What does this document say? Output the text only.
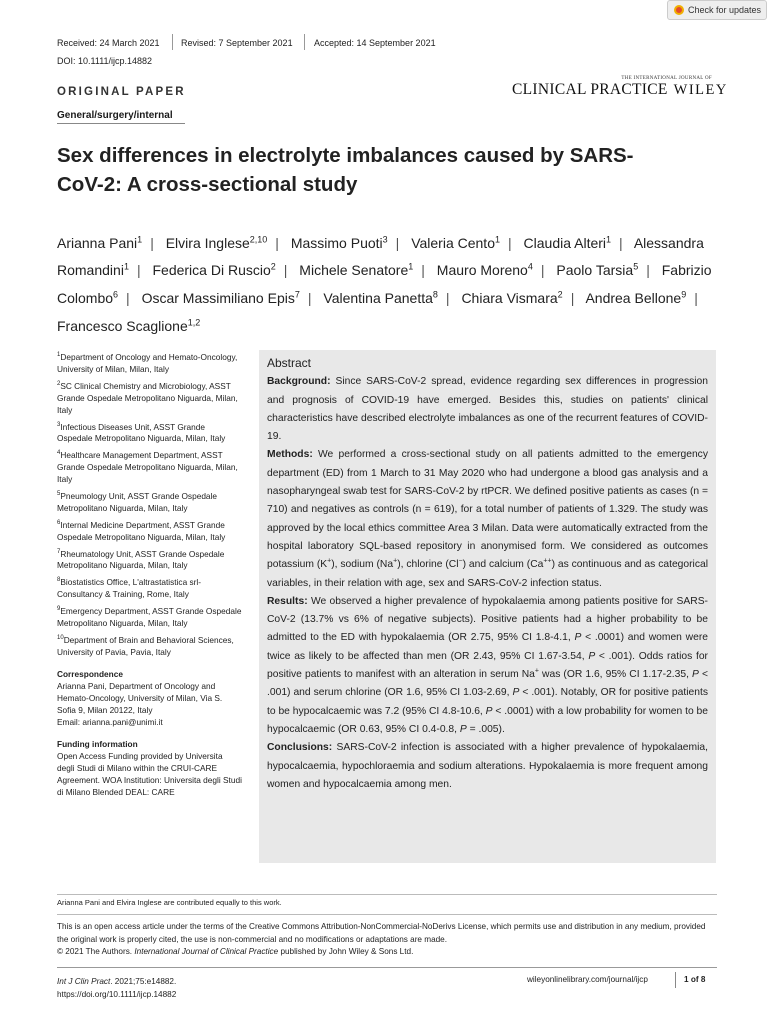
Check for updates
Received: 24 March 2021 Revised: 7 September 2021 Accepted: 14 September 2021
DOI: 10.1111/ijcp.14882
THE INTERNATIONAL JOURNAL OF
CLINICAL PRACTICE WILEY
ORIGINAL PAPER
General/surgery/internal
Sex differences in electrolyte imbalances caused by SARS-CoV-2: A cross-sectional study
Arianna Pani$^1$ | Elvira Inglese$^{2,10}$ | Massimo Puoti$^3$ | Valeria Cento$^1$ | Claudia Alteri$^1$ | Alessandra Romandini$^1$ | Federica Di Ruscio$^2$ | Michele Senatore$^1$ | Mauro Moreno$^4$ | Paolo Tarsia$^5$ | Fabrizio Colombo$^6$ | Oscar Massimiliano Epis$^7$ | Valentina Panetta$^8$ | Chiara Vismara$^2$ | Andrea Bellone$^9$ | Francesco Scaglione$^{1,2}$

$^1$Department of Oncology and Hemato-Oncology, University of Milan, Milan, Italy

$^2$SC Clinical Chemistry and Microbiology, ASST Grande Ospedale Metropolitano Niguarda, Milan, Italy

$^3$Infectious Diseases Unit, ASST Grande Ospedale Metropolitano Niguarda, Milan, Italy

$^4$Healthcare Management Department, ASST Grande Ospedale Metropolitano Niguarda, Milan, Italy

$^5$Pneumology Unit, ASST Grande Ospedale Metropolitano Niguarda, Milan, Italy

$^6$Internal Medicine Department, ASST Grande Ospedale Metropolitano Niguarda, Milan, Italy

$^7$Rheumatology Unit, ASST Grande Ospedale Metropolitano Niguarda, Milan, Italy

$^8$Biostatistics Office, L'altrastatistica srl-Consultancy & Training, Rome, Italy

$^9$Emergency Department, ASST Grande Ospedale Metropolitano Niguarda, Milan, Italy

$^{10}$Department of Brain and Behavioral Sciences, University of Pavia, Pavia, Italy

Correspondence
Arianna Pani, Department of Oncology and Hemato-Oncology, University of Milan, Via S. Sofia 9, Milan 20122, Italy
Email: arianna.pani@unimi.it
Funding information
Open Access Funding provided by Universita degli Studi di Milano within the CRUI-CARE Agreement. WOA Institution: Universita degli Studi di Milano Blended DEAL: CARE
Abstract

Background: Since SARS-CoV-2 spread, evidence regarding sex differences in progression and prognosis of COVID-19 have emerged. Besides this, studies on patients' clinical characteristics have described electrolyte imbalances as one of the recurrent features of COVID-19.

Methods: We performed a cross-sectional study on all patients admitted to the emergency department (ED) from 1 March to 31 May 2020 who had undergone a blood gas analysis and a nasopharyngeal swab test for SARS-CoV-2 by rtPCR. We defined positive patients as cases (n = 710) and negatives as controls (n = 619), for a total number of patients of 1.329. The study was approved by the local ethics committee Area 3 Milan. Data were automatically extracted from the hospital laboratory SQL-based repository in anonymised form. We considered as outcomes potassium (K+), sodium (Na+), chlorine (Cl−) and calcium (Ca++) as continuous and as categorical variables, in their relation with age, sex and SARS-CoV-2 infection status.

Results: We observed a higher prevalence of hypokalaemia among patients positive for SARS-CoV-2 (13.7% vs 6% of negative subjects). Positive patients had a higher probability to be admitted to the ED with hypokalaemia (OR 2.75, 95% CI 1.8-4.1, P < .0001) and women were twice as likely to be affected than men (OR 2.43, 95% CI 1.67-3.54, P < .001). Odds ratios for positive patients to manifest with an alteration in serum Na+ was (OR 1.6, 95% CI 1.17-2.35, P < .001) and serum chlorine (OR 1.6, 95% CI 1.03-2.69, P < .001). Notably, OR for positive patients to be hypocalcaemic was 7.2 (95% CI 4.8-10.6, P < .0001) with a low probability for women to be hypocalcaemic (OR 0.63, 95% CI 0.4-0.8, P = .005).

Conclusions: SARS-CoV-2 infection is associated with a higher prevalence of hypokalaemia, hypocalcaemia, hypochloraemia and sodium alterations. Hypokalaemia is more frequent among women and hypocalcaemia among men.

Arianna Pani and Elvira Inglese are contributed equally to this work.
This is an open access article under the terms of the Creative Commons Attribution-NonCommercial-NoDerivs License, which permits use and distribution in any medium, provided the original work is properly cited, the use is non-commercial and no modifications or adaptations are made.
© 2021 The Authors. International Journal of Clinical Practice published by John Wiley & Sons Ltd.
Int J Clin Pract. 2021;75:e14882.
https://doi.org/10.1111/ijcp.14882
wileyonlinelibrary.com/journal/ijcp	1 of 8
